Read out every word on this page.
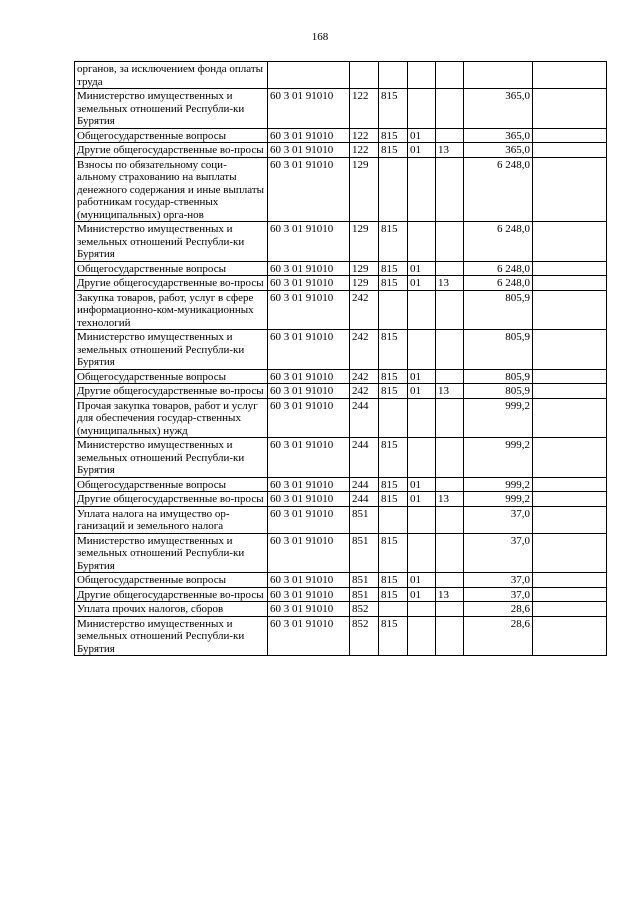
168
органов, за исключением фонда оплаты труда							
Министерство имущественных и земельных отношений Республи-ки Бурятия	60 3 01 91010	122	815			365,0	
Общегосударственные вопросы	60 3 01 91010	122	815	01		365,0	
Другие общегосударственные во-просы	60 3 01 91010	122	815	01	13	365,0	
Взносы по обязательному соци-альному страхованию на выплаты денежного содержания и иные выплаты работникам государ-ственных (муниципальных) орга-нов	60 3 01 91010	129				6 248,0	
Министерство имущественных и земельных отношений Республи-ки Бурятия	60 3 01 91010	129	815			6 248,0	
Общегосударственные вопросы	60 3 01 91010	129	815	01		6 248,0	
Другие общегосударственные во-просы	60 3 01 91010	129	815	01	13	6 248,0	
Закупка товаров, работ, услуг в сфере информационно-ком-муникационных технологий	60 3 01 91010	242				805,9	
Министерство имущественных и земельных отношений Республи-ки Бурятия	60 3 01 91010	242	815			805,9	
Общегосударственные вопросы	60 3 01 91010	242	815	01		805,9	
Другие общегосударственные во-просы	60 3 01 91010	242	815	01	13	805,9	
Прочая закупка товаров, работ и услуг для обеспечения государ-ственных (муниципальных) нужд	60 3 01 91010	244				999,2	
Министерство имущественных и земельных отношений Республи-ки Бурятия	60 3 01 91010	244	815			999,2	
Общегосударственные вопросы	60 3 01 91010	244	815	01		999,2	
Другие общегосударственные во-просы	60 3 01 91010	244	815	01	13	999,2	
Уплата налога на имущество ор-ганизаций и земельного налога	60 3 01 91010	851				37,0	
Министерство имущественных и земельных отношений Республи-ки Бурятия	60 3 01 91010	851	815			37,0	
Общегосударственные вопросы	60 3 01 91010	851	815	01		37,0	
Другие общегосударственные во-просы	60 3 01 91010	851	815	01	13	37,0	
Уплата прочих налогов, сборов	60 3 01 91010	852				28,6	
Министерство имущественных и земельных отношений Республи-ки Бурятия	60 3 01 91010	852	815			28,6	
